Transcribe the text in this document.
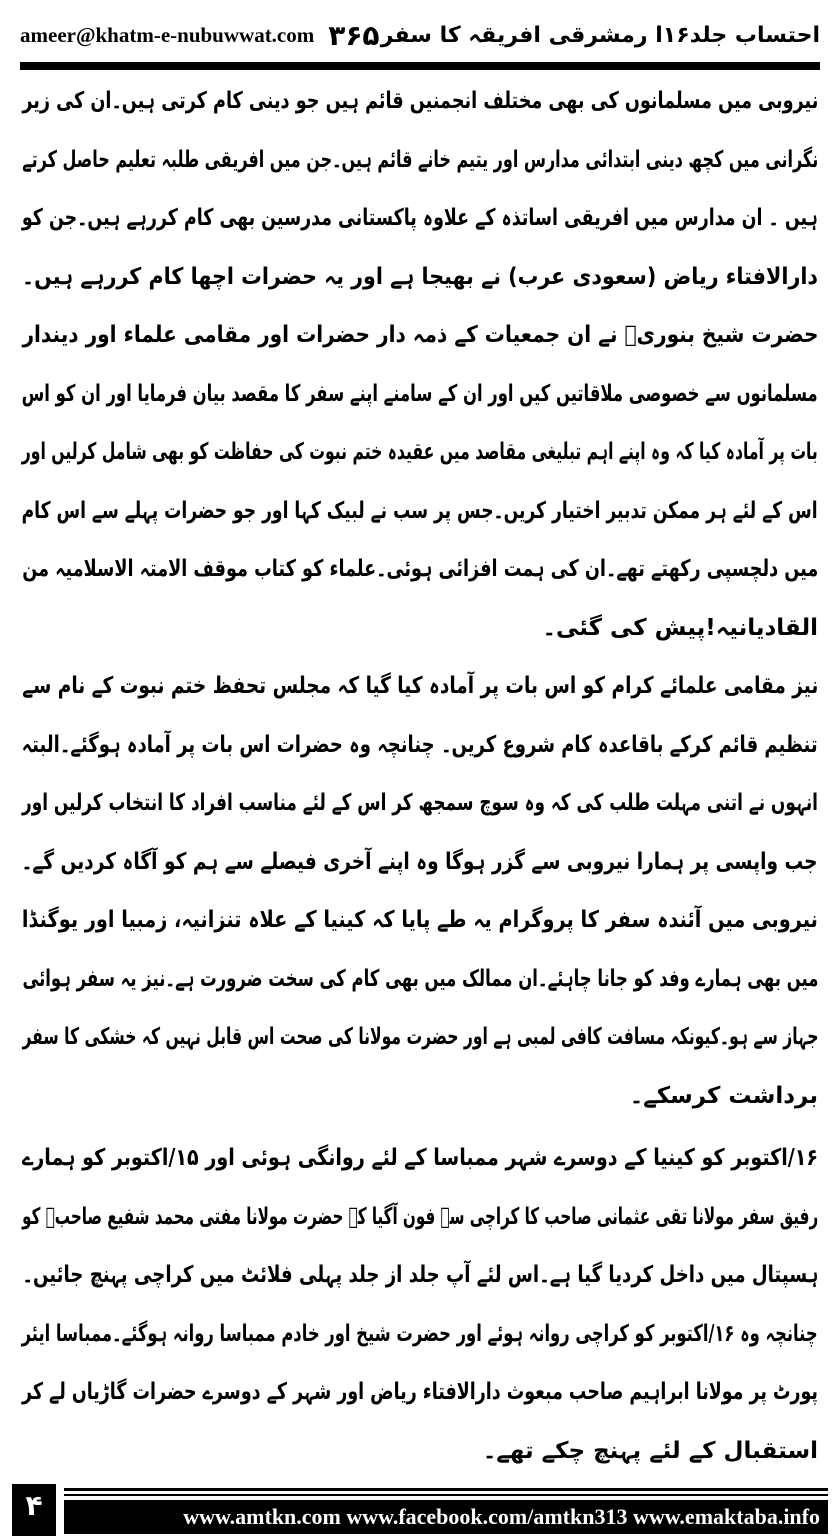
ameer@khatm-e-nubuwwat.com ۳۶۵ احتساب جلد۱۶ا رمشرقی افریقہ کا سفر
نیروبی میں مسلمانوں کی بھی مختلف انجمنیں قائم ہیں جو دینی کام کرتی ہیں۔ان کی زیر
نگرانی میں کچھ دینی ابتدائی مدارس اور یتیم خانے قائم ہیں۔جن میں افریقی طلبہ تعلیم حاصل کرتے
ہیں ۔ ان مدارس میں افریقی اساتذہ کے علاوہ پاکستانی مدرسین بھی کام کررہے ہیں۔جن کو
دارالافتاء ریاض (سعودی عرب) نے بھیجا ہے اور یہ حضرات اچھا کام کررہے ہیں۔
حضرت شیخ بنوریؒ نے ان جمعیات کے ذمہ دار حضرات اور مقامی علماء اور دیندار
مسلمانوں سے خصوصی ملاقاتیں کیں اور ان کے سامنے اپنے سفر کا مقصد بیان فرمایا اور ان کو اس
بات پر آمادہ کیا کہ وہ اپنے اہم تبلیغی مقاصد میں عقیدہ ختم نبوت کی حفاظت کو بھی شامل کرلیں اور
اس کے لئے ہر ممکن تدبیر اختیار کریں۔جس پر سب نے لبیک کہا اور جو حضرات پہلے سے اس کام
میں دلچسپی رکھتے تھے۔ان کی ہمت افزائی ہوئی۔علماء کو کتاب موقف الامتہ الاسلامیہ من
القادیانیہ!پیش کی گئی۔
نیز مقامی علمائے کرام کو اس بات پر آمادہ کیا گیا کہ مجلس تحفظ ختم نبوت کے نام سے
تنظیم قائم کرکے باقاعدہ کام شروع کریں۔ چنانچہ وہ حضرات اس بات پر آمادہ ہوگئے۔البتہ
انہوں نے اتنی مہلت طلب کی کہ وہ سوچ سمجھ کر اس کے لئے مناسب افراد کا انتخاب کرلیں اور
جب واپسی پر ہمارا نیروبی سے گزر ہوگا وہ اپنے آخری فیصلے سے ہم کو آگاہ کردیں گے۔
نیروبی میں آئندہ سفر کا پروگرام یہ طے پایا کہ کینیا کے علاہ تنزانیہ، زمبیا اور یوگنڈا
میں بھی ہمارے وفد کو جانا چاہئے۔ان ممالک میں بھی کام کی سخت ضرورت ہے۔نیز یہ سفر ہوائی
جہاز سے ہو۔کیونکہ مسافت کافی لمبی ہے اور حضرت مولانا کی صحت اس قابل نہیں کہ خشکی کا سفر
برداشت کرسکے۔
۱۶/اکتوبر کو کینیا کے دوسرے شہر ممباسا کے لئے روانگی ہوئی اور ۱۵/اکتوبر کو ہمارے
رفیق سفر مولانا تقی عثمانی صاحب کا کراچی سے فون آگیا کہ حضرت مولانا مفتی محمد شفیع صاحبؒ کو
ہسپتال میں داخل کردیا گیا ہے۔اس لئے آپ جلد از جلد پہلی فلائٹ میں کراچی پہنچ جائیں۔
چنانچہ وہ ۱۶/اکتوبر کو کراچی روانہ ہوئے اور حضرت شیخ اور خادم ممباسا روانہ ہوگئے۔ممباسا ایئر
پورٹ پر مولانا ابراہیم صاحب مبعوث دارالافتاء ریاض اور شہر کے دوسرے حضرات گاڑیاں لے کر
استقبال کے لئے پہنچ چکے تھے۔
۴	www.amtkn.com www.facebook.com/amtkn313 www.emaktaba.info
